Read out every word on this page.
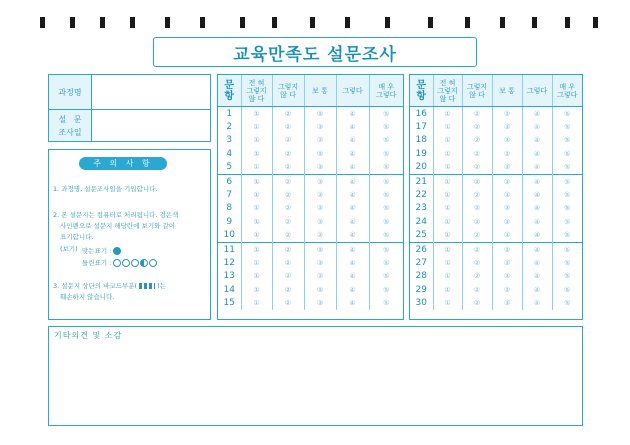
교육만족도 설문조사
과정명
설   문
조사일
주 의 사 항
1. 과정명, 설문조사일을 기입합니다.
2. 본 설문지는 컴퓨터로 처리됩니다. 검은색
사인펜으로 설문지 해당란에 보기와 같이
표기합니다.
(보기) 맞는표기 :
틀린표기 :
3. 설문지 상단의 바코드부분(	)는
훼손하지 않습니다.
문
항	전 혀
그렇지
않 다	그렇지
않 다	보 통	그렇다	매 우
그렇다
1	①	②	③	④	⑤
2	①	②	③	④	⑤
3	①	②	③	④	⑤
4	①	②	③	④	⑤
5	①	②	③	④	⑤
6	①	②	③	④	⑤
7	①	②	③	④	⑤
8	①	②	③	④	⑤
9	①	②	③	④	⑤
10	①	②	③	④	⑤
11	①	②	③	④	⑤
12	①	②	③	④	⑤
13	①	②	③	④	⑤
14	①	②	③	④	⑤
15	①	②	③	④	⑤
문
항	전 혀
그렇지
않 다	그렇지
않 다	보 통	그렇다	매 우
그렇다
16	①	②	③	④	⑤
17	①	②	③	④	⑤
18	①	②	③	④	⑤
19	①	②	③	④	⑤
20	①	②	③	④	⑤
21	①	②	③	④	⑤
22	①	②	③	④	⑤
23	①	②	③	④	⑤
24	①	②	③	④	⑤
25	①	②	③	④	⑤
26	①	②	③	④	⑤
27	①	②	③	④	⑤
28	①	②	③	④	⑤
29	①	②	③	④	⑤
30	①	②	③	④	⑤
기타의견 및 소감
